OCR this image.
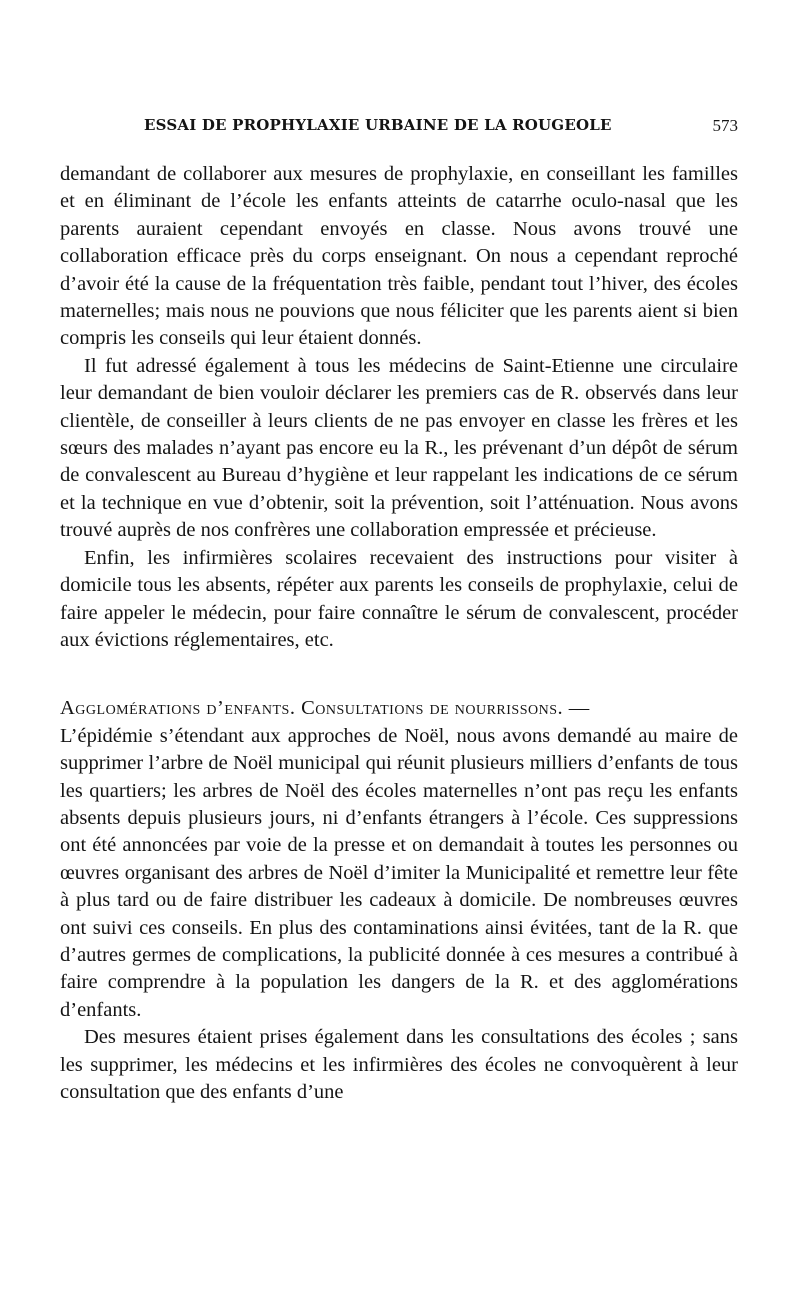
ESSAI DE PROPHYLAXIE URBAINE DE LA ROUGEOLE	573

demandant de collaborer aux mesures de prophylaxie, en conseillant les familles et en éliminant de l’école les enfants atteints de catarrhe oculo-nasal que les parents auraient cependant envoyés en classe. Nous avons trouvé une collaboration efficace près du corps enseignant. On nous a cependant reproché d’avoir été la cause de la fréquentation très faible, pendant tout l’hiver, des écoles maternelles; mais nous ne pouvions que nous féliciter que les parents aient si bien compris les conseils qui leur étaient donnés.

Il fut adressé également à tous les médecins de Saint-Etienne une circulaire leur demandant de bien vouloir déclarer les premiers cas de R. observés dans leur clientèle, de conseiller à leurs clients de ne pas envoyer en classe les frères et les sœurs des malades n’ayant pas encore eu la R., les prévenant d’un dépôt de sérum de convalescent au Bureau d’hygiène et leur rappelant les indications de ce sérum et la technique en vue d’obtenir, soit la prévention, soit l’atténuation. Nous avons trouvé auprès de nos confrères une collaboration empressée et précieuse.

Enfin, les infirmières scolaires recevaient des instructions pour visiter à domicile tous les absents, répéter aux parents les conseils de prophylaxie, celui de faire appeler le médecin, pour faire connaître le sérum de convalescent, procéder aux évictions réglementaires, etc.

Agglomérations d’enfants. Consultations de nourrissons. —

L’épidémie s’étendant aux approches de Noël, nous avons demandé au maire de supprimer l’arbre de Noël municipal qui réunit plusieurs milliers d’enfants de tous les quartiers; les arbres de Noël des écoles maternelles n’ont pas reçu les enfants absents depuis plusieurs jours, ni d’enfants étrangers à l’école. Ces suppressions ont été annoncées par voie de la presse et on demandait à toutes les personnes ou œuvres organisant des arbres de Noël d’imiter la Municipalité et remettre leur fête à plus tard ou de faire distribuer les cadeaux à domicile. De nombreuses œuvres ont suivi ces conseils. En plus des contaminations ainsi évitées, tant de la R. que d’autres germes de complications, la publicité donnée à ces mesures a contribué à faire comprendre à la population les dangers de la R. et des agglomérations d’enfants.

Des mesures étaient prises également dans les consultations des écoles ; sans les supprimer, les médecins et les infirmières des écoles ne convoquèrent à leur consultation que des enfants d’une
